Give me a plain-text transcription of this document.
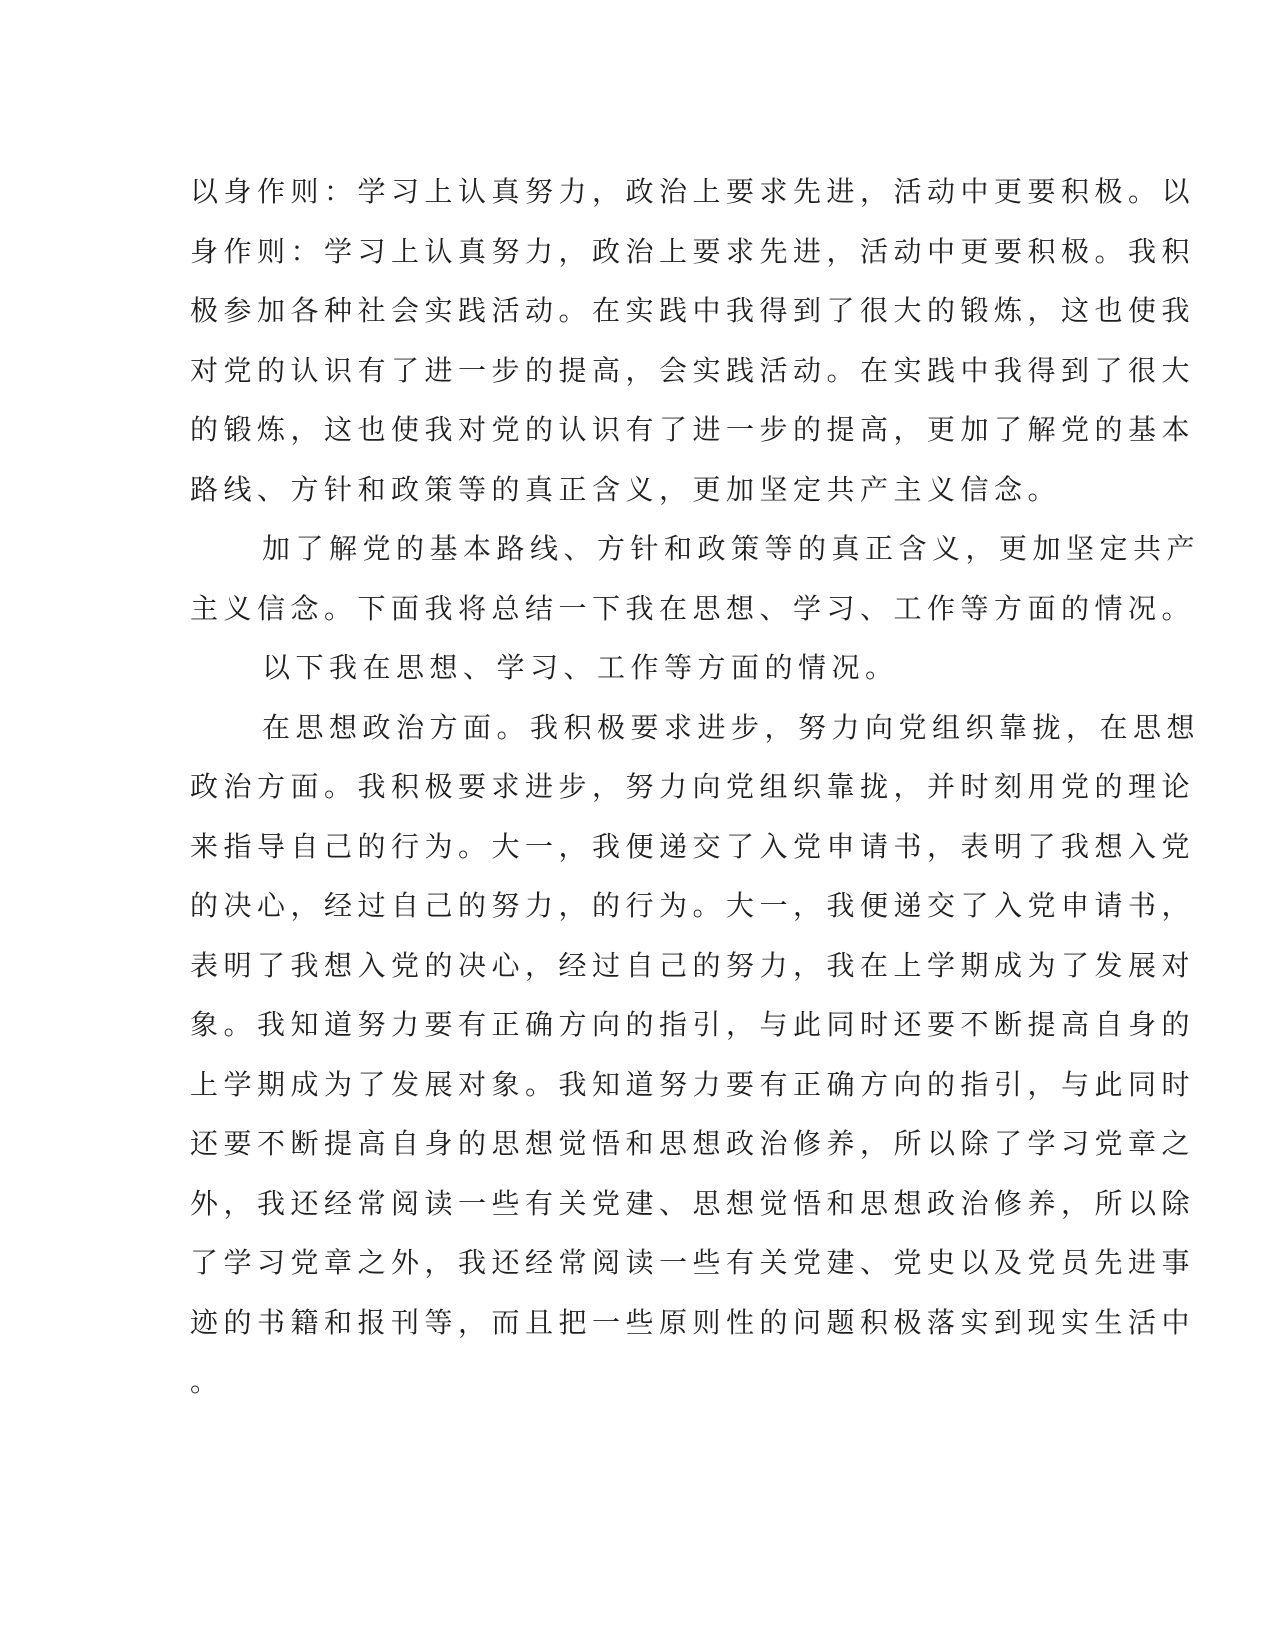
以身作则：学习上认真努力，政治上要求先进，活动中更要积极。以
身作则：学习上认真努力，政治上要求先进，活动中更要积极。我积
极参加各种社会实践活动。在实践中我得到了很大的锻炼，这也使我
对党的认识有了进一步的提高，会实践活动。在实践中我得到了很大
的锻炼，这也使我对党的认识有了进一步的提高，更加了解党的基本
路线、方针和政策等的真正含义，更加坚定共产主义信念。
加了解党的基本路线、方针和政策等的真正含义，更加坚定共产
主义信念。下面我将总结一下我在思想、学习、工作等方面的情况。
以下我在思想、学习、工作等方面的情况。
在思想政治方面。我积极要求进步，努力向党组织靠拢，在思想
政治方面。我积极要求进步，努力向党组织靠拢，并时刻用党的理论
来指导自己的行为。大一，我便递交了入党申请书，表明了我想入党
的决心，经过自己的努力，的行为。大一，我便递交了入党申请书，
表明了我想入党的决心，经过自己的努力，我在上学期成为了发展对
象。我知道努力要有正确方向的指引，与此同时还要不断提高自身的
上学期成为了发展对象。我知道努力要有正确方向的指引，与此同时
还要不断提高自身的思想觉悟和思想政治修养，所以除了学习党章之
外，我还经常阅读一些有关党建、思想觉悟和思想政治修养，所以除
了学习党章之外，我还经常阅读一些有关党建、党史以及党员先进事
迹的书籍和报刊等，而且把一些原则性的问题积极落实到现实生活中
。
